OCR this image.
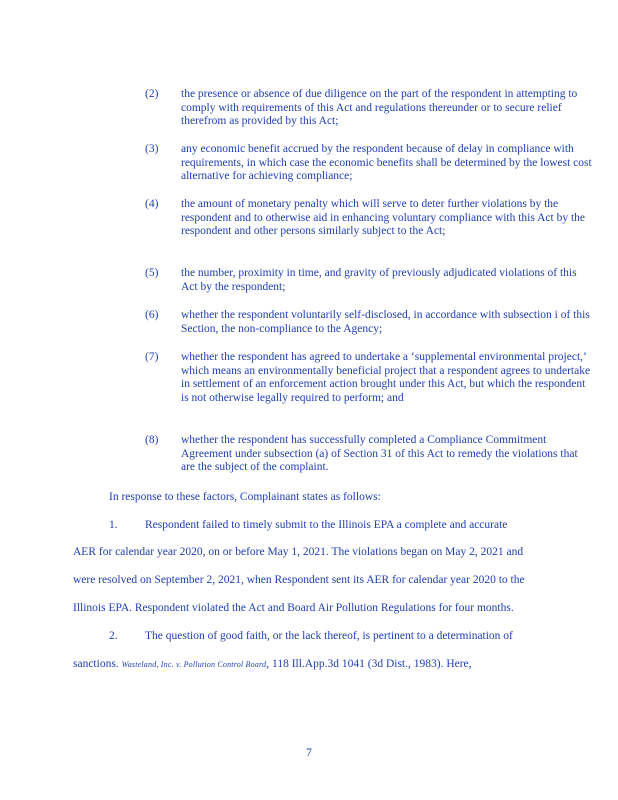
(2) the presence or absence of due diligence on the part of the respondent in attempting to comply with requirements of this Act and regulations thereunder or to secure relief therefrom as provided by this Act;
(3) any economic benefit accrued by the respondent because of delay in compliance with requirements, in which case the economic benefits shall be determined by the lowest cost alternative for achieving compliance;
(4) the amount of monetary penalty which will serve to deter further violations by the respondent and to otherwise aid in enhancing voluntary compliance with this Act by the respondent and other persons similarly subject to the Act;
(5) the number, proximity in time, and gravity of previously adjudicated violations of this Act by the respondent;
(6) whether the respondent voluntarily self-disclosed, in accordance with subsection i of this Section, the non-compliance to the Agency;
(7) whether the respondent has agreed to undertake a ‘supplemental environmental project,’ which means an environmentally beneficial project that a respondent agrees to undertake in settlement of an enforcement action brought under this Act, but which the respondent is not otherwise legally required to perform; and
(8) whether the respondent has successfully completed a Compliance Commitment Agreement under subsection (a) of Section 31 of this Act to remedy the violations that are the subject of the complaint.
In response to these factors, Complainant states as follows:
1. Respondent failed to timely submit to the Illinois EPA a complete and accurate
AER for calendar year 2020, on or before May 1, 2021. The violations began on May 2, 2021 and
were resolved on September 2, 2021, when Respondent sent its AER for calendar year 2020 to the
Illinois EPA. Respondent violated the Act and Board Air Pollution Regulations for four months.
2. The question of good faith, or the lack thereof, is pertinent to a determination of
sanctions. Wasteland, Inc. v. Pollution Control Board, 118 Ill.App.3d 1041 (3d Dist., 1983). Here,
7
